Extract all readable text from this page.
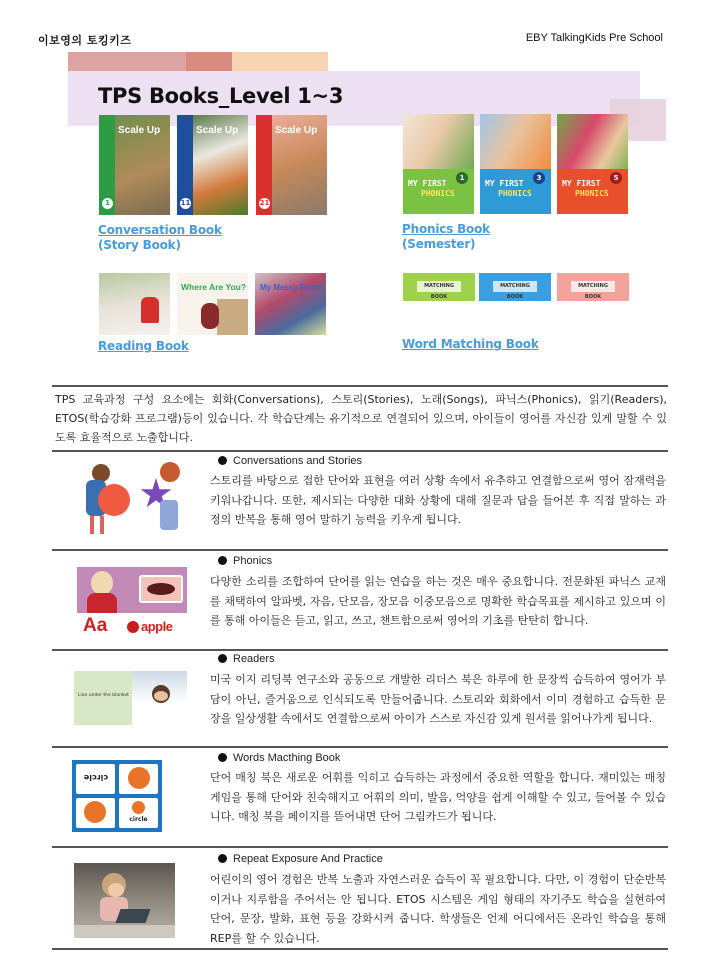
이보영의 토킹키즈	EBY TalkingKids Pre School
TPS Books_Level 1~3
Scale Up
1
Scale Up
11
Scale Up
21
Conversation Book
(Story Book)
1
MY FIRST
PHONICS
3
MY FIRST
PHONICS
5
MY FIRST
PHONICS
Phonics Book
(Semester)
Where Are You? My Messy Room
Reading Book
MATCHING BOOK
MATCHING BOOK
MATCHING BOOK
Word Matching Book
TPS 교육과정 구성 요소에는 회화(Conversations), 스토리(Stories), 노래(Songs), 파닉스(Phonics), 읽기(Readers), ETOS(학습강화 프로그램)등이 있습니다. 각 학습단계는 유기적으로 연결되어 있으며, 아이들이 영어를 자신감 있게 말할 수 있도록 효율적으로 노출합니다.
Conversations and Stories
스토리를 바탕으로 접한 단어와 표현을 여러 상황 속에서 유추하고 연결함으로써 영어 잠재력을 키워나갑니다. 또한, 제시되는 다양한 대화 상황에 대해 질문과 답을 들어본 후 직접 말하는 과정의 반복을 통해 영어 말하기 능력을 키우게 됩니다.
Aa	apple
Phonics
다양한 소리를 조합하여 단어를 읽는 연습을 하는 것은 매우 중요합니다. 전문화된 파닉스 교재를 채택하여 알파벳, 자음, 단모음, 장모음 이중모음으로 명확한 학습목표를 제시하고 있으며 이를 통해 아이들은 듣고, 읽고, 쓰고, 챈트함으로써 영어의 기초를 탄탄히 합니다.
Lion under the blanket
Readers
미국 이지 리딩북 연구소와 공동으로 개발한 리더스 북은 하루에 한 문장씩 습득하여 영어가 부담이 아닌, 즐거움으로 인식되도록 만들어줍니다. 스토리와 회화에서 이미 경험하고 습득한 문장을 일상생활 속에서도 연결함으로써 아이가 스스로 자신감 있게 원서를 읽어나가게 됩니다.
circle
circle
Words Macthing Book
단어 매칭 북은 새로운 어휘를 익히고 습득하는 과정에서 중요한 역할을 합니다. 재미있는 매칭 게임을 통해 단어와 친숙해지고 어휘의 의미, 발음, 억양을 쉽게 이해할 수 있고, 들어볼 수 있습니다. 매칭 북을 페이지를 뜯어내면 단어 그림카드가 됩니다.
Repeat Exposure And Practice
어린이의 영어 경험은 반복 노출과 자연스러운 습득이 꼭 필요합니다. 다만, 이 경험이 단순반복이거나 지루함을 주어서는 안 됩니다. ETOS 시스템은 게임 형태의 자기주도 학습을 실현하여 단어, 문장, 발화, 표현 등을 강화시켜 줍니다. 학생들은 언제 어디에서든 온라인 학습을 통해 REP를 할 수 있습니다.
